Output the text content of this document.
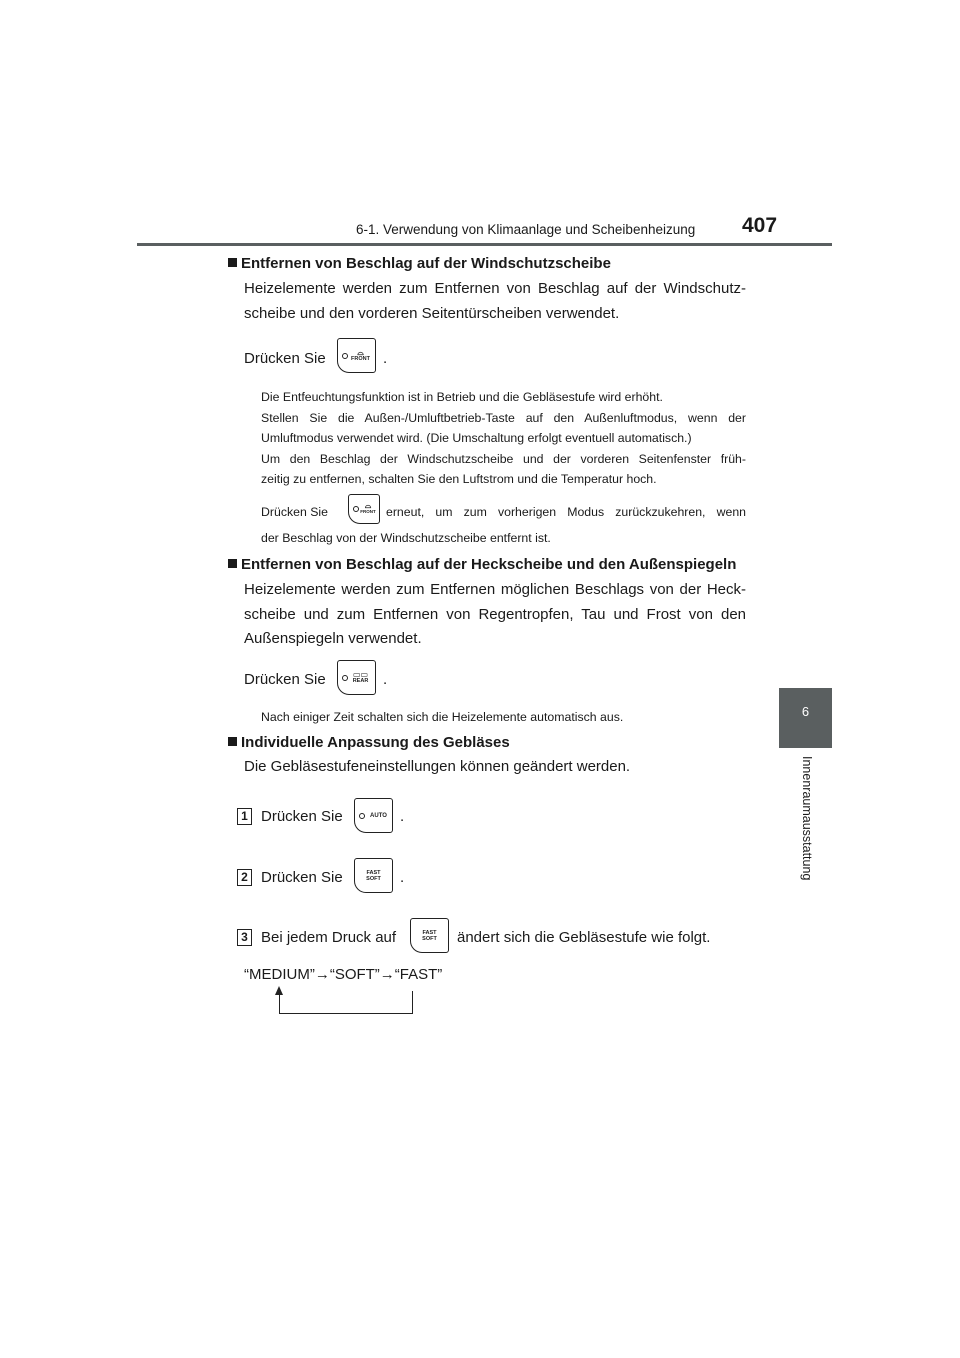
6-1. Verwendung von Klimaanlage und Scheibenheizung 407
6
Innenraumausstattung
Entfernen von Beschlag auf der Windschutzscheibe
Heizelemente werden zum Entfernen von Beschlag auf der Windschutz-
scheibe und den vorderen Seitentürscheiben verwendet.
Drücken Sie	⌓
FRONT .
Die Entfeuchtungsfunktion ist in Betrieb und die Gebläsestufe wird erhöht.
Stellen Sie die Außen-/Umluftbetrieb-Taste auf den Außenluftmodus, wenn der
Umluftmodus verwendet wird. (Die Umschaltung erfolgt eventuell automatisch.)
Um den Beschlag der Windschutzscheibe und der vorderen Seitenfenster früh-
zeitig zu entfernen, schalten Sie den Luftstrom und die Temperatur hoch.
Drücken Sie	⌓
FRONT erneut, um zum vorherigen Modus zurückzukehren, wenn
der Beschlag von der Windschutzscheibe entfernt ist.
Entfernen von Beschlag auf der Heckscheibe und den Außenspiegeln
Heizelemente werden zum Entfernen möglichen Beschlags von der Heck-
scheibe und zum Entfernen von Regentropfen, Tau und Frost von den
Außenspiegeln verwendet.
Drücken Sie	▭▭
REAR .
Nach einiger Zeit schalten sich die Heizelemente automatisch aus.
Individuelle Anpassung des Gebläses
Die Gebläsestufeneinstellungen können geändert werden.
1 Drücken Sie	AUTO .
2 Drücken Sie	FAST SOFT .
3 Bei jedem Druck auf	FAST SOFT ändert sich die Gebläsestufe wie folgt.
“MEDIUM”→“SOFT”→“FAST”
